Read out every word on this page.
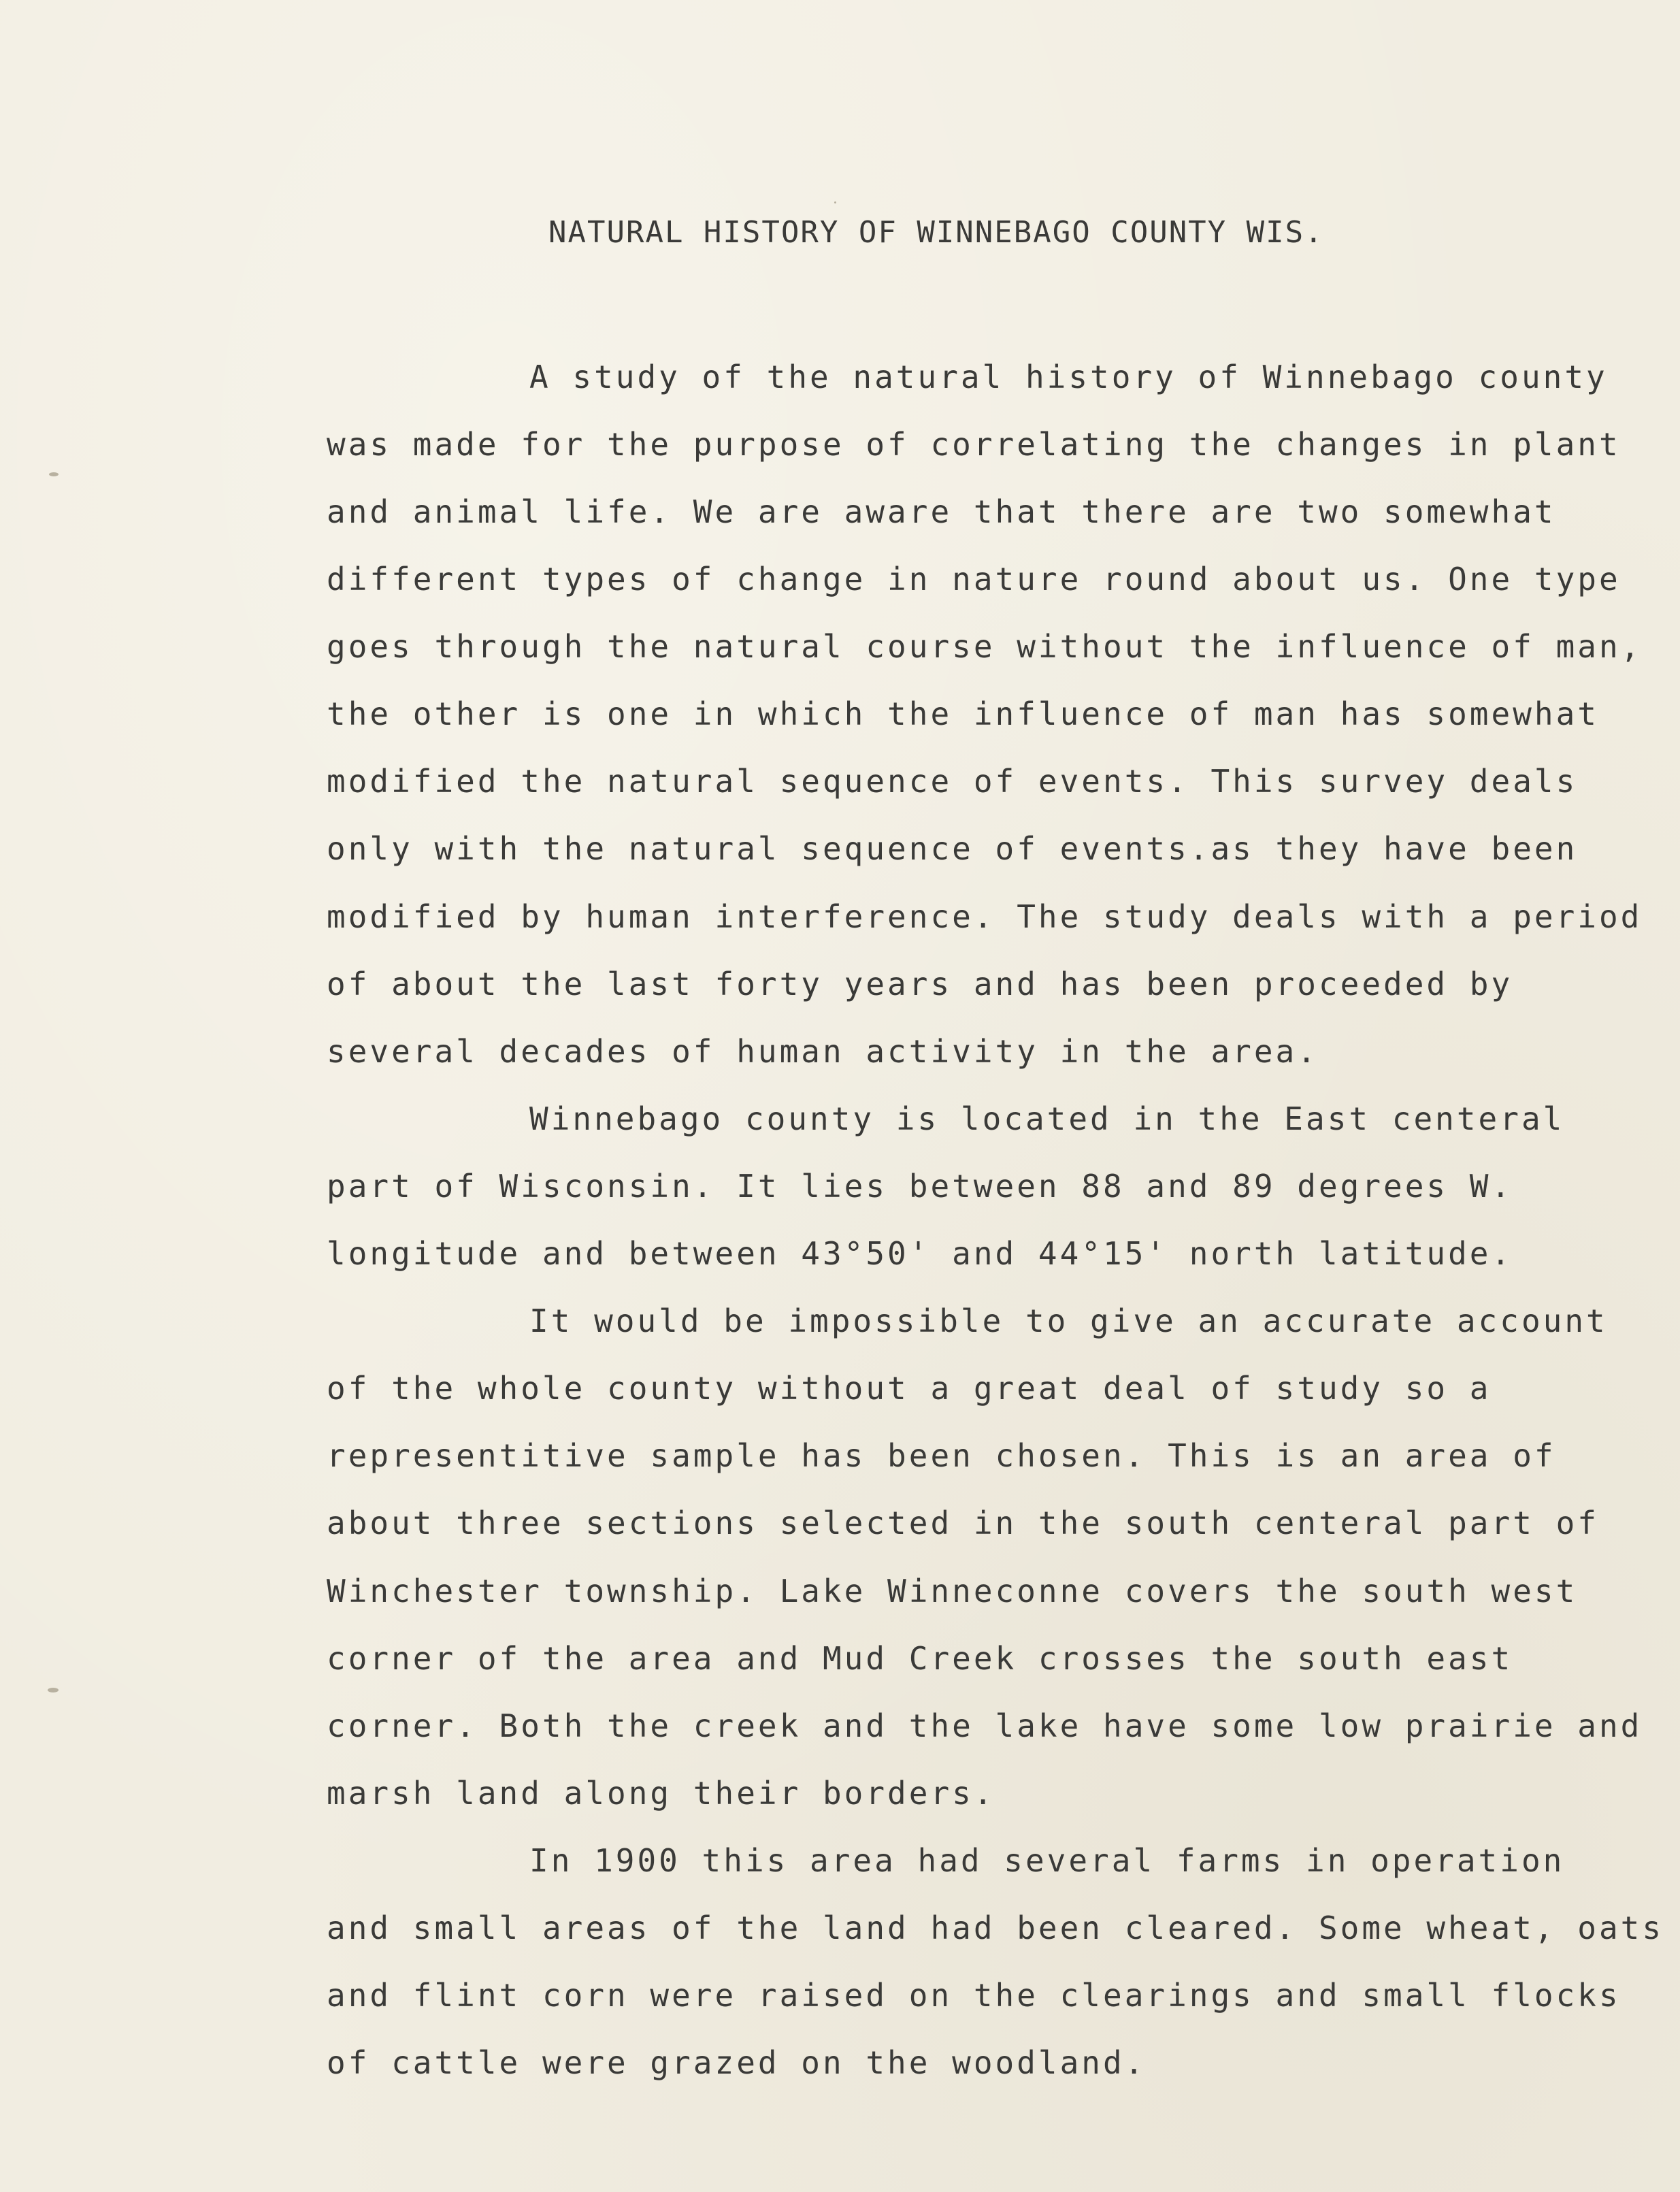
NATURAL HISTORY OF WINNEBAGO COUNTY WIS.
A study of the natural history of Winnebago county
was made for the purpose of correlating the changes in plant
and animal life. We are aware that there are two somewhat
different types of change in nature round about us. One type
goes through the natural course without the influence of man,
the other is one in which the influence of man has somewhat
modified the natural sequence of events. This survey deals
only with the natural sequence of events.as they have been
modified by human interference. The study deals with a period
of about the last forty years and has been proceeded by
several decades of human activity in the area.
Winnebago county is located in the East centeral
part of Wisconsin. It lies between 88 and 89 degrees W.
longitude and between 43°50' and 44°15' north latitude.
It would be impossible to give an accurate account
of the whole county without a great deal of study so a
representitive sample has been chosen. This is an area of
about three sections selected in the south centeral part of
Winchester township. Lake Winneconne covers the south west
corner of the area and Mud Creek crosses the south east
corner. Both the creek and the lake have some low prairie and
marsh land along their borders.
In 1900 this area had several farms in operation
and small areas of the land had been cleared. Some wheat, oats
and flint corn were raised on the clearings and small flocks
of cattle were grazed on the woodland.
